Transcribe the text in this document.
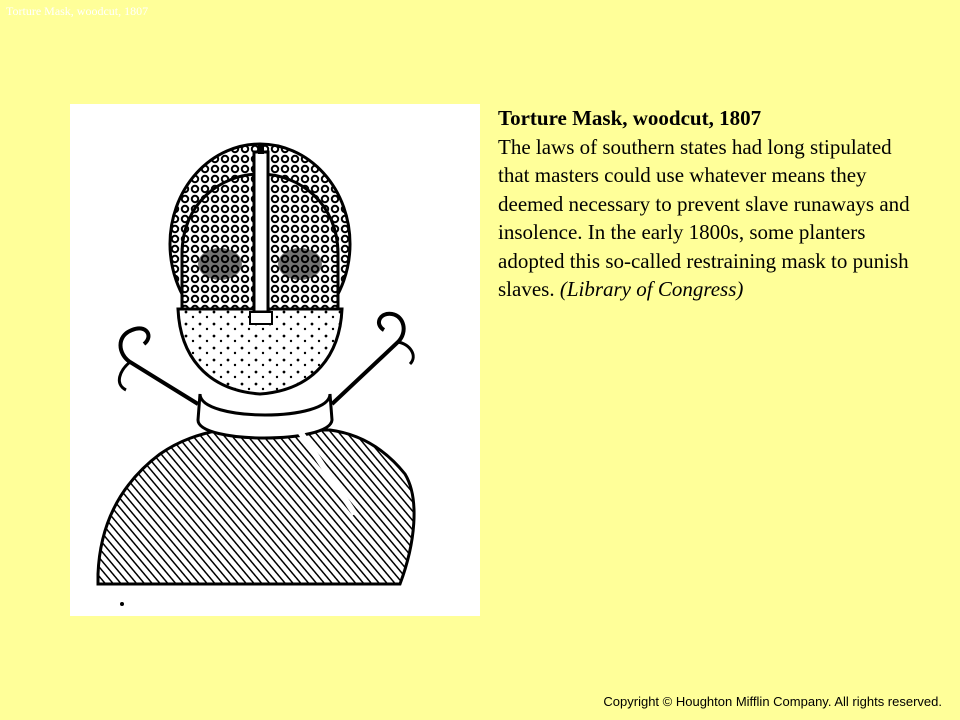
Torture Mask, woodcut, 1807
Torture Mask, woodcut, 1807
The laws of southern states had long stipulated that masters could use whatever means they deemed necessary to prevent slave runaways and insolence. In the early 1800s, some planters adopted this so-called restraining mask to punish slaves. (Library of Congress)
Copyright © Houghton Mifflin Company. All rights reserved.
